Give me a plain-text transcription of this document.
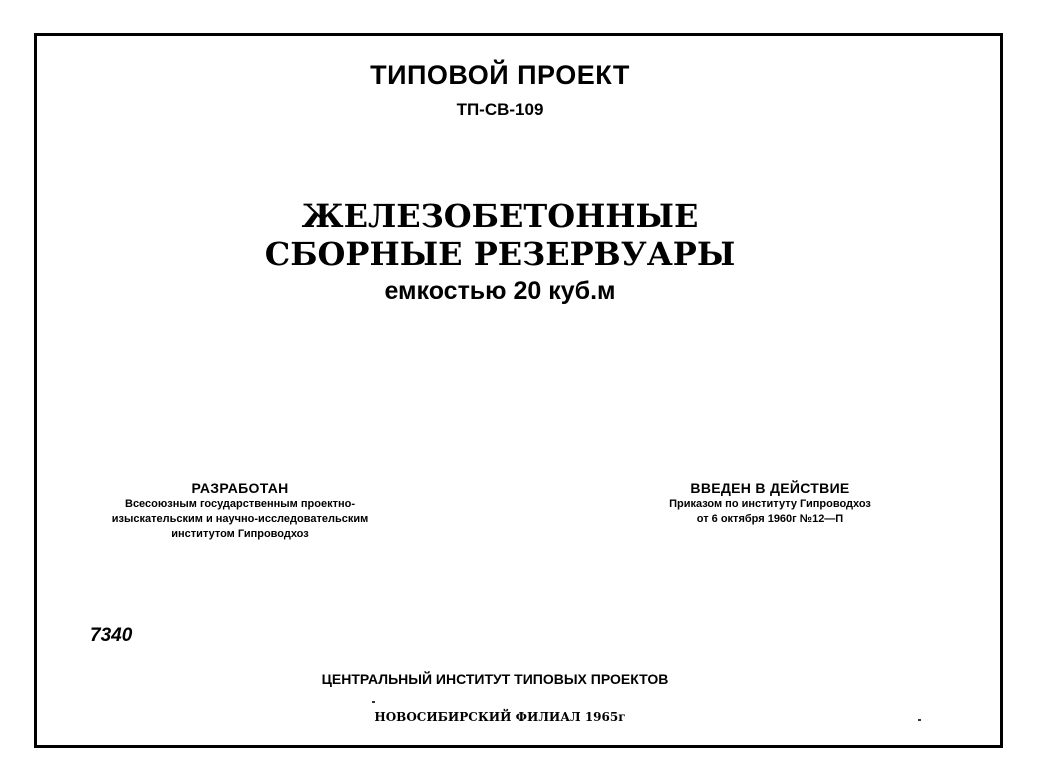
ТИПОВОЙ ПРОЕКТ
ТП-СВ-109
ЖЕЛЕЗОБЕТОННЫЕ
СБОРНЫЕ РЕЗЕРВУАРЫ
емкостью 20 куб.м
РАЗРАБОТАН
Всесоюзным государственным проектно-
изыскательским и научно-исследовательским
институтом Гипроводхоз
ВВЕДЕН В ДЕЙСТВИЕ
Приказом по институту Гипроводхоз
от 6 октября 1960г №12—П
7340
ЦЕНТРАЛЬНЫЙ ИНСТИТУТ ТИПОВЫХ ПРОЕКТОВ
НОВОСИБИРСКИЙ ФИЛИАЛ 1965г
